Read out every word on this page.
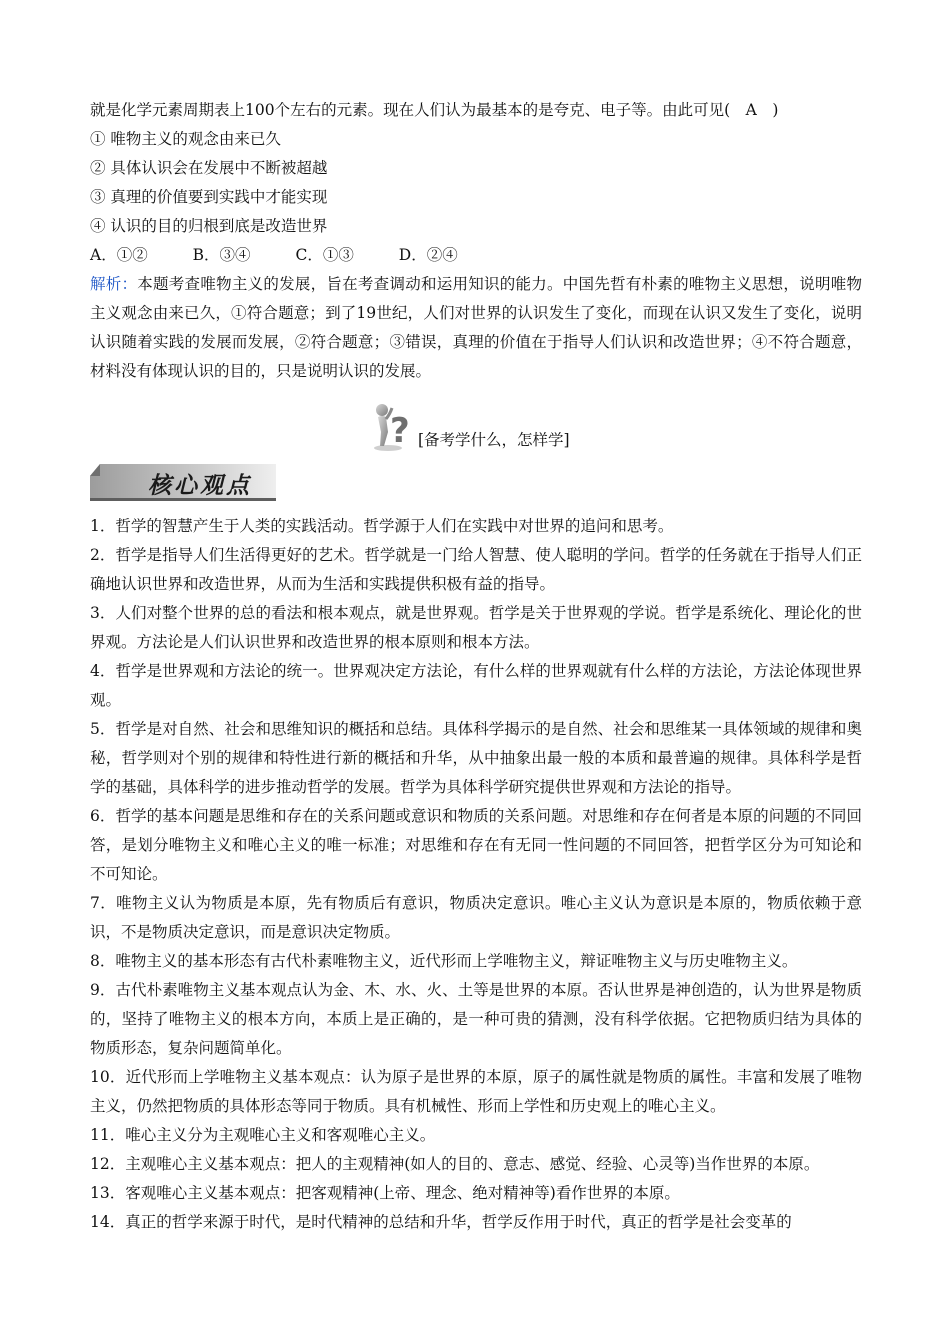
就是化学元素周期表上100个左右的元素。现在人们认为最基本的是夸克、电子等。由此可见(　A　)
① 唯物主义的观念由来已久
② 具体认识会在发展中不断被超越
③ 真理的价值要到实践中才能实现
④ 认识的目的归根到底是改造世界
A．①②	B．③④	C．①③	D．②④

解析：本题考查唯物主义的发展，旨在考查调动和运用知识的能力。中国先哲有朴素的唯物主义思想，说明唯物主义观念由来已久，①符合题意；到了19世纪，人们对世界的认识发生了变化，而现在认识又发生了变化，说明认识随着实践的发展而发展，②符合题意；③错误，真理的价值在于指导人们认识和改造世界；④不符合题意，材料没有体现认识的目的，只是说明认识的发展。

? [备考学什么，怎样学]
核心观点

1．哲学的智慧产生于人类的实践活动。哲学源于人们在实践中对世界的追问和思考。

2．哲学是指导人们生活得更好的艺术。哲学就是一门给人智慧、使人聪明的学问。哲学的任务就在于指导人们正确地认识世界和改造世界，从而为生活和实践提供积极有益的指导。

3．人们对整个世界的总的看法和根本观点，就是世界观。哲学是关于世界观的学说。哲学是系统化、理论化的世界观。方法论是人们认识世界和改造世界的根本原则和根本方法。

4．哲学是世界观和方法论的统一。世界观决定方法论，有什么样的世界观就有什么样的方法论，方法论体现世界观。

5．哲学是对自然、社会和思维知识的概括和总结。具体科学揭示的是自然、社会和思维某一具体领域的规律和奥秘，哲学则对个别的规律和特性进行新的概括和升华，从中抽象出最一般的本质和最普遍的规律。具体科学是哲学的基础，具体科学的进步推动哲学的发展。哲学为具体科学研究提供世界观和方法论的指导。

6．哲学的基本问题是思维和存在的关系问题或意识和物质的关系问题。对思维和存在何者是本原的问题的不同回答，是划分唯物主义和唯心主义的唯一标准；对思维和存在有无同一性问题的不同回答，把哲学区分为可知论和不可知论。

7．唯物主义认为物质是本原，先有物质后有意识，物质决定意识。唯心主义认为意识是本原的，物质依赖于意识，不是物质决定意识，而是意识决定物质。

8．唯物主义的基本形态有古代朴素唯物主义，近代形而上学唯物主义，辩证唯物主义与历史唯物主义。

9．古代朴素唯物主义基本观点认为金、木、水、火、土等是世界的本原。否认世界是神创造的，认为世界是物质的，坚持了唯物主义的根本方向，本质上是正确的，是一种可贵的猜测，没有科学依据。它把物质归结为具体的物质形态，复杂问题简单化。

10．近代形而上学唯物主义基本观点：认为原子是世界的本原，原子的属性就是物质的属性。丰富和发展了唯物主义，仍然把物质的具体形态等同于物质。具有机械性、形而上学性和历史观上的唯心主义。

11．唯心主义分为主观唯心主义和客观唯心主义。

12．主观唯心主义基本观点：把人的主观精神(如人的目的、意志、感觉、经验、心灵等)当作世界的本原。

13．客观唯心主义基本观点：把客观精神(上帝、理念、绝对精神等)看作世界的本原。

14．真正的哲学来源于时代，是时代精神的总结和升华，哲学反作用于时代，真正的哲学是社会变革的
